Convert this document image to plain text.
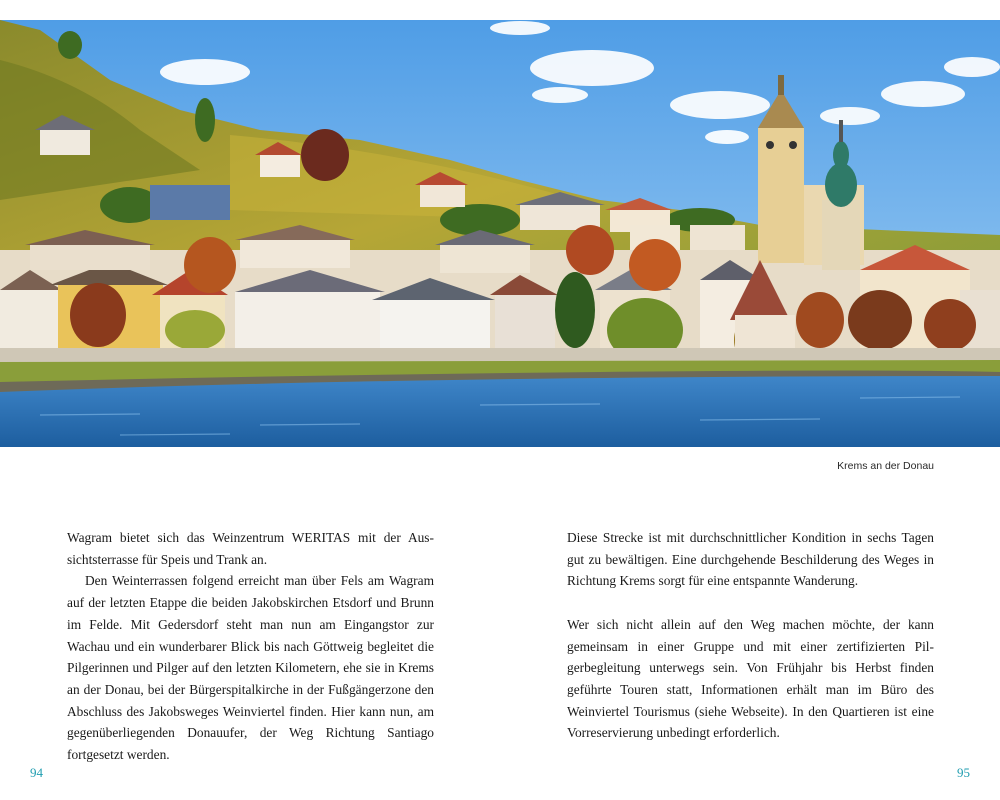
Krems an der Donau

Wagram bietet sich das Weinzentrum WERITAS mit der Aussichtsterrasse für Speis und Trank an.

Den Weinterrassen folgend erreicht man über Fels am Wagram auf der letzten Etappe die beiden Jakobskirchen Etsdorf und Brunn im Felde. Mit Gedersdorf steht man nun am Eingangstor zur Wachau und ein wunderbarer Blick bis nach Göttweig begleitet die Pilgerinnen und Pilger auf den letzten Kilometern, ehe sie in Krems an der Donau, bei der Bürgerspitalkirche in der Fußgängerzone den Abschluss des Jakobsweges Weinviertel finden. Hier kann nun, am gegenüberliegenden Donauufer, der Weg Richtung Santiago fortgesetzt werden.

Diese Strecke ist mit durchschnittlicher Kondition in sechs Tagen gut zu bewältigen. Eine durchgehende Beschilderung des Weges in Richtung Krems sorgt für eine entspannte Wanderung.

Wer sich nicht allein auf den Weg machen möchte, der kann gemeinsam in einer Gruppe und mit einer zertifizierten Pilgerbegleitung unterwegs sein. Von Frühjahr bis Herbst finden geführte Touren statt, Informationen erhält man im Büro des Weinviertel Tourismus (siehe Webseite). In den Quartieren ist eine Vorreservierung unbedingt erforderlich.

94	95
